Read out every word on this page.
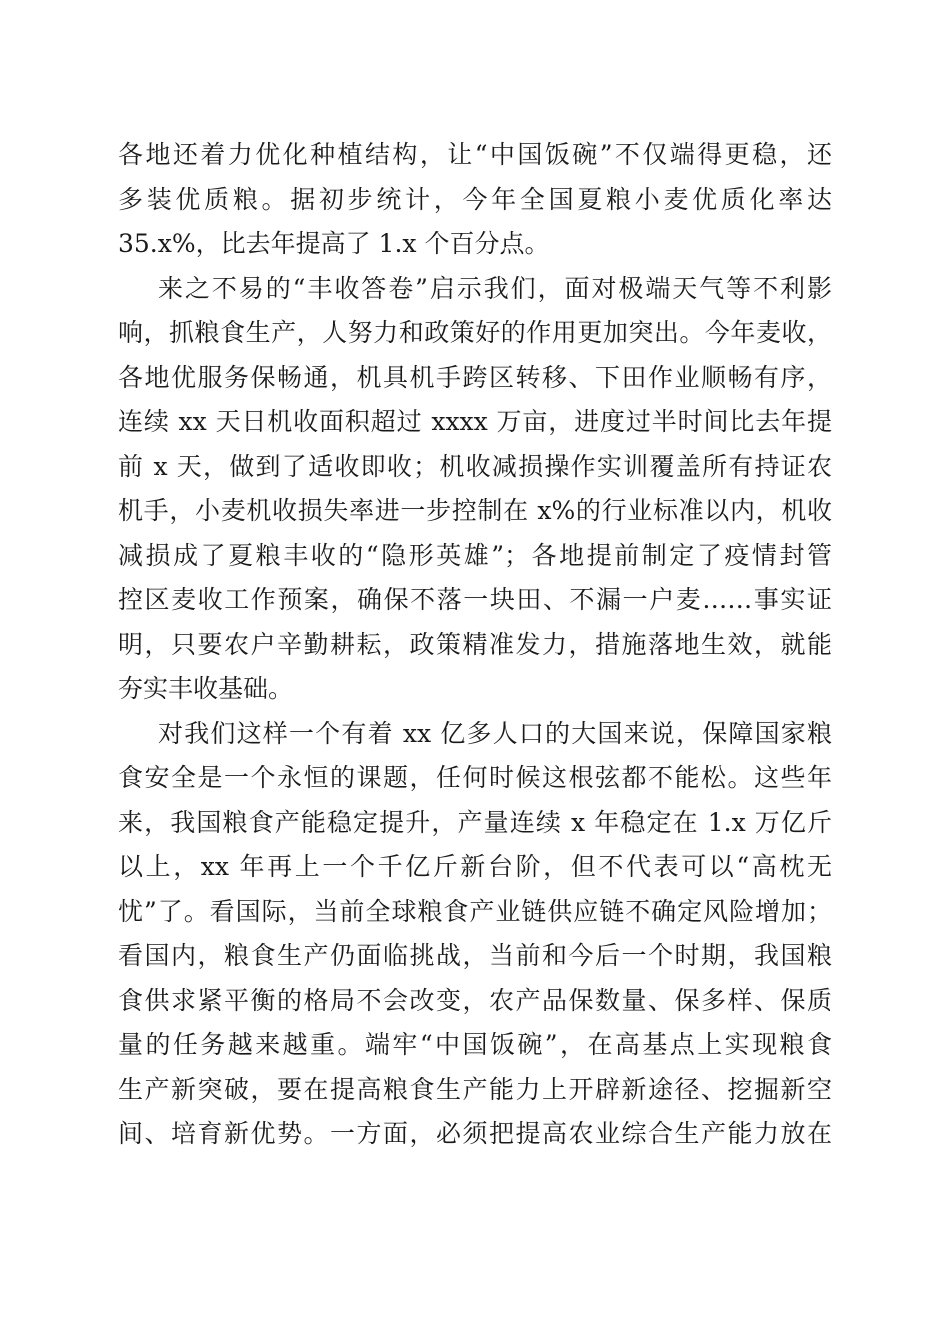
各地还着力优化种植结构，让“中国饭碗”不仅端得更稳，还
多装优质粮。据初步统计，今年全国夏粮小麦优质化率达
35.x%，比去年提高了 1.x 个百分点。
来之不易的“丰收答卷”启示我们，面对极端天气等不利影
响，抓粮食生产，人努力和政策好的作用更加突出。今年麦收，
各地优服务保畅通，机具机手跨区转移、下田作业顺畅有序，
连续 xx 天日机收面积超过 xxxx 万亩，进度过半时间比去年提
前 x 天，做到了适收即收；机收减损操作实训覆盖所有持证农
机手，小麦机收损失率进一步控制在 x%的行业标准以内，机收
减损成了夏粮丰收的“隐形英雄”；各地提前制定了疫情封管
控区麦收工作预案，确保不落一块田、不漏一户麦……事实证
明，只要农户辛勤耕耘，政策精准发力，措施落地生效，就能
夯实丰收基础。
对我们这样一个有着 xx 亿多人口的大国来说，保障国家粮
食安全是一个永恒的课题，任何时候这根弦都不能松。这些年
来，我国粮食产能稳定提升，产量连续 x 年稳定在 1.x 万亿斤
以上，xx 年再上一个千亿斤新台阶，但不代表可以“高枕无
忧”了。看国际，当前全球粮食产业链供应链不确定风险增加；
看国内，粮食生产仍面临挑战，当前和今后一个时期，我国粮
食供求紧平衡的格局不会改变，农产品保数量、保多样、保质
量的任务越来越重。端牢“中国饭碗”，在高基点上实现粮食
生产新突破，要在提高粮食生产能力上开辟新途径、挖掘新空
间、培育新优势。一方面，必须把提高农业综合生产能力放在
